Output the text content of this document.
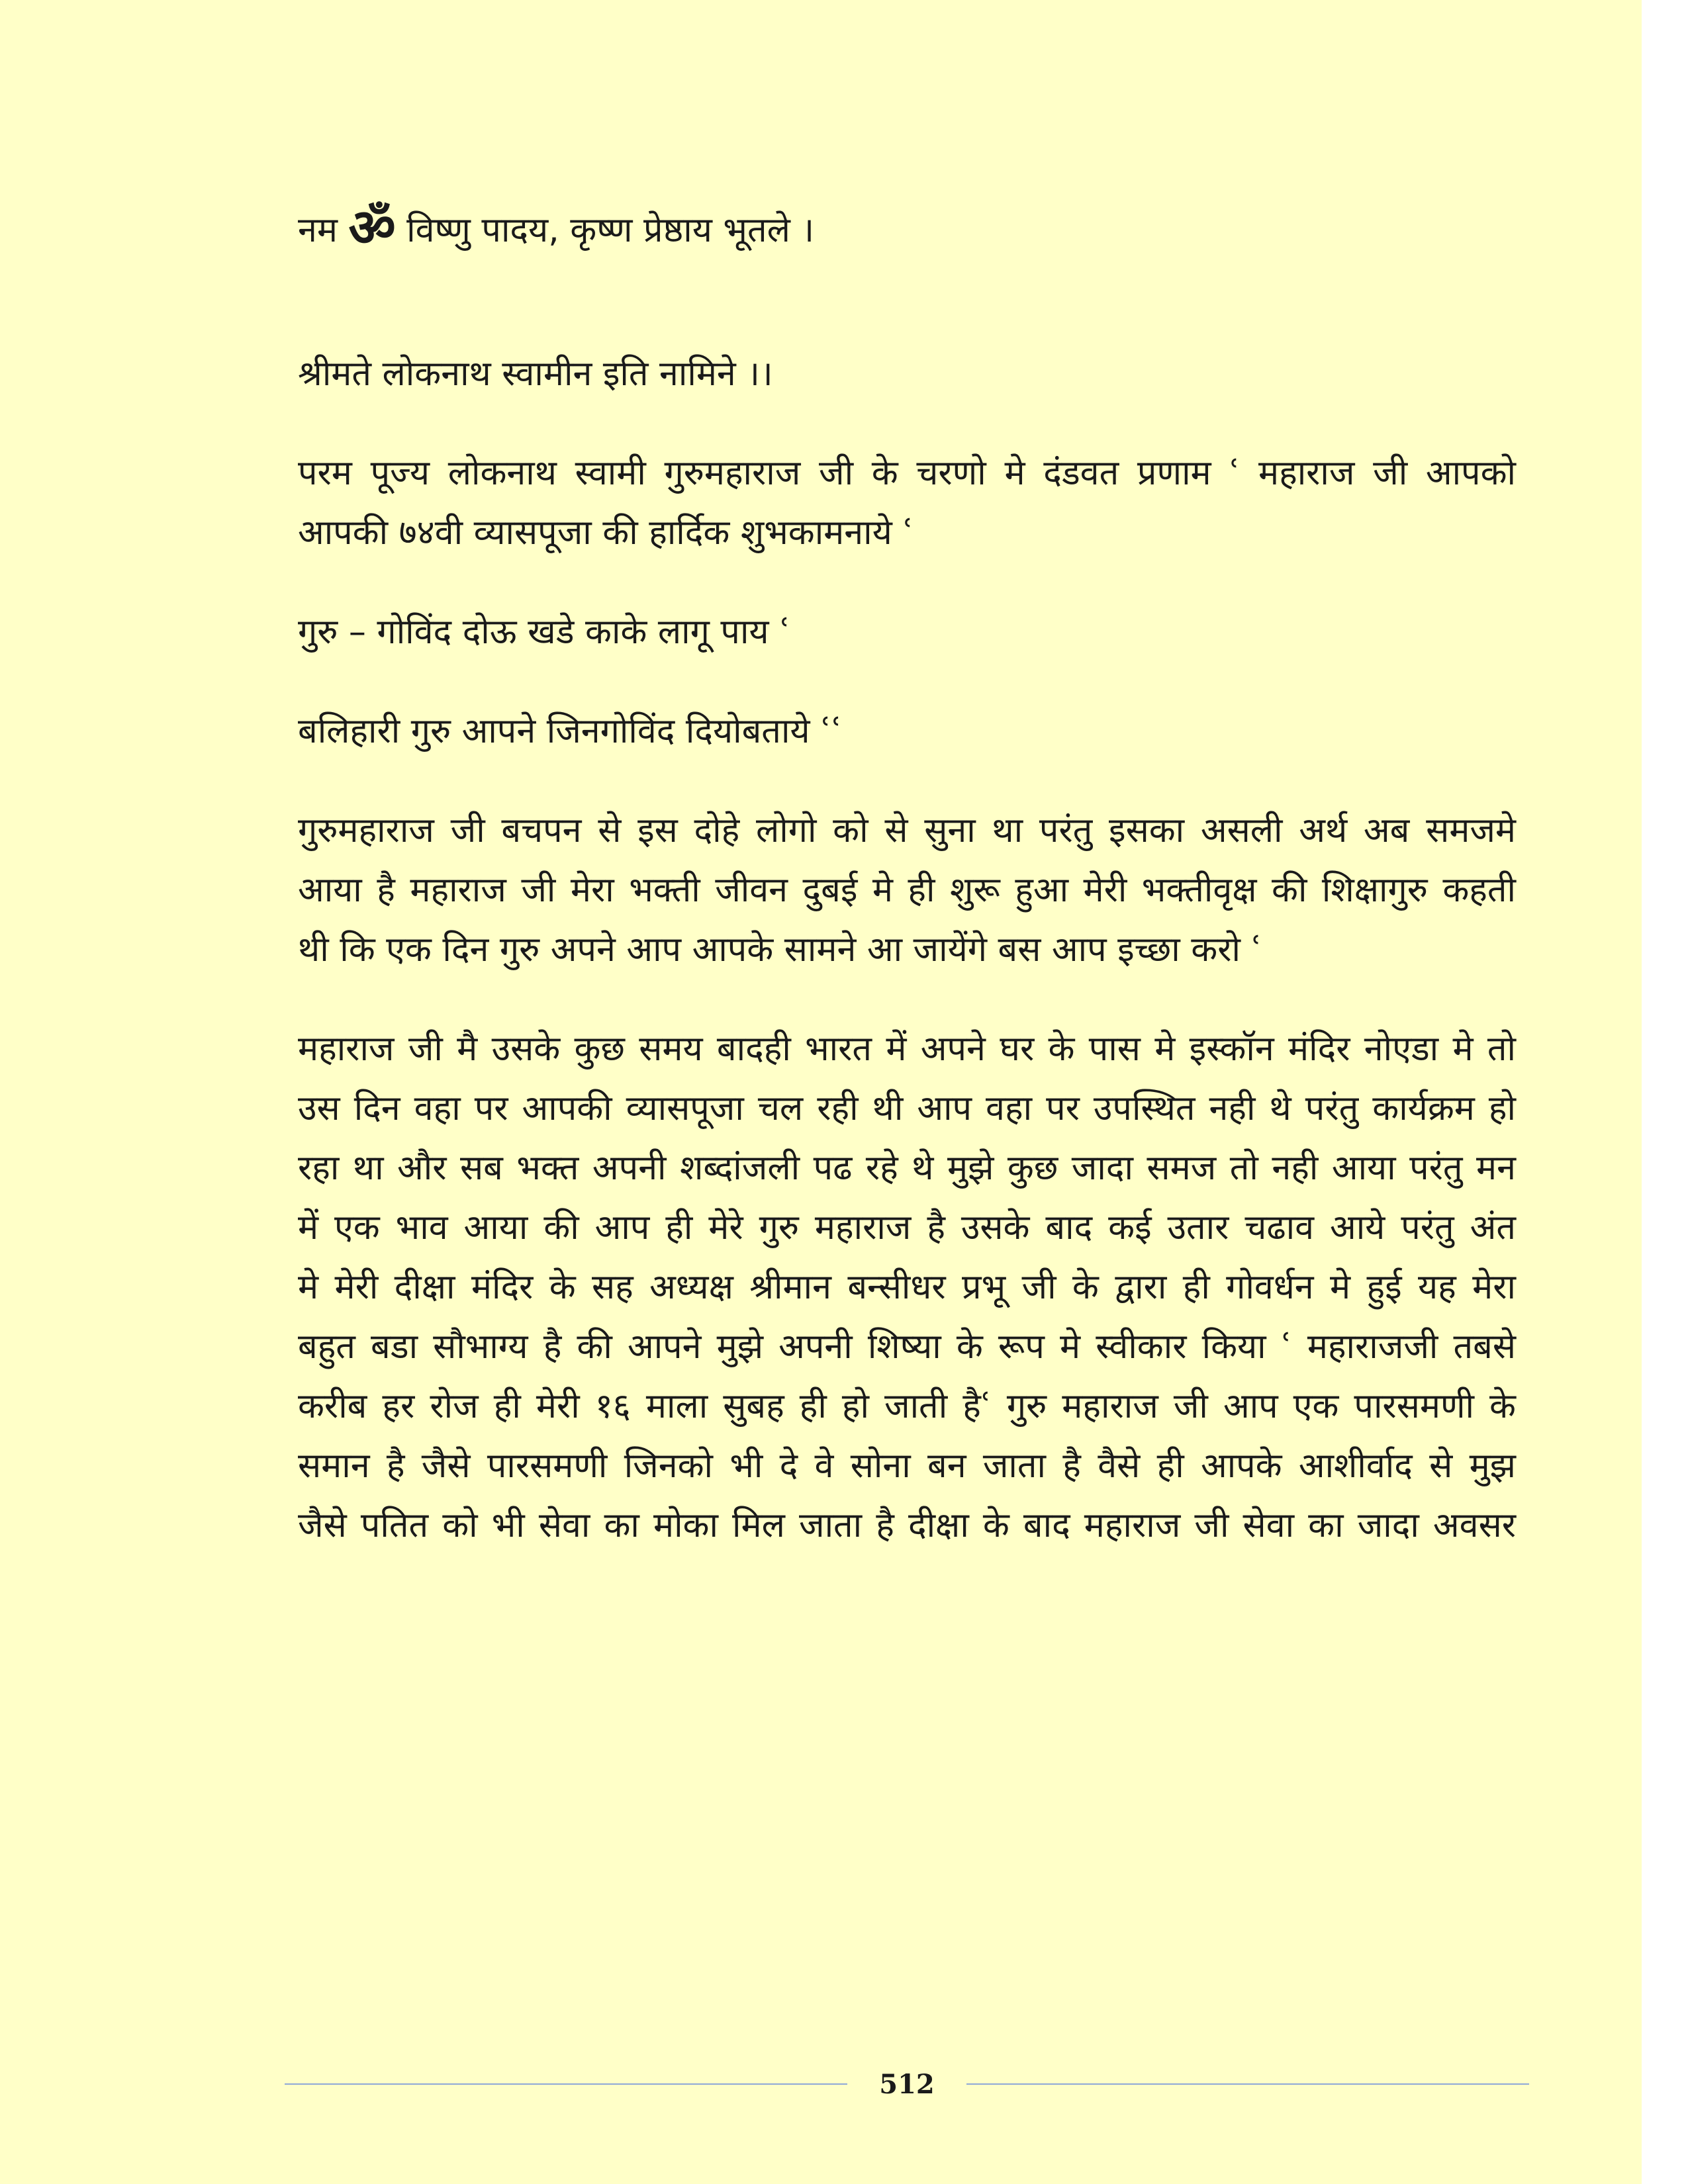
नम ॐ विष्णु पादय, कृष्ण प्रेष्ठाय भूतले ।

श्रीमते लोकनाथ स्वामीन इति नामिने ।।

परम पूज्य लोकनाथ स्वामी गुरुमहाराज जी के चरणो मे दंडवत प्रणाम ՙ महाराज जी आपको

आपकी ७४वी व्यासपूजा की हार्दिक शुभकामनाये ՙ

गुरु – गोविंद दोऊ खडे काके लागू पाय ՙ

बलिहारी गुरु आपने जिनगोविंद दियोबताये ՙՙ

गुरुमहाराज जी बचपन से इस दोहे लोगो को से सुना था परंतु इसका असली अर्थ अब समजमे

आया है महाराज जी मेरा भक्ती जीवन दुबई मे ही शुरू हुआ मेरी भक्तीवृक्ष की शिक्षागुरु कहती

थी कि एक दिन गुरु अपने आप आपके सामने आ जायेंगे बस आप इच्छा करो ՙ

महाराज जी मै उसके कुछ समय बादही भारत में अपने घर के पास मे इस्कॉन मंदिर नोएडा मे तो

उस दिन वहा पर आपकी व्यासपूजा चल रही थी आप वहा पर उपस्थित नही थे परंतु कार्यक्रम हो

रहा था और सब भक्त अपनी शब्दांजली पढ रहे थे मुझे कुछ जादा समज तो नही आया परंतु मन

में एक भाव आया की आप ही मेरे गुरु महाराज है उसके बाद कई उतार चढाव आये परंतु अंत

मे मेरी दीक्षा मंदिर के सह अध्यक्ष श्रीमान बन्सीधर प्रभू जी के द्वारा ही गोवर्धन मे हुई यह मेरा

बहुत बडा सौभाग्य है की आपने मुझे अपनी शिष्या के रूप मे स्वीकार किया ՙ महाराजजी तबसे

करीब हर रोज ही मेरी १६ माला सुबह ही हो जाती हैՙ गुरु महाराज जी आप एक पारसमणी के

समान है जैसे पारसमणी जिनको भी दे वे सोना बन जाता है वैसे ही आपके आशीर्वाद से मुझ

जैसे पतित को भी सेवा का मोका मिल जाता है दीक्षा के बाद महाराज जी सेवा का जादा अवसर

512
